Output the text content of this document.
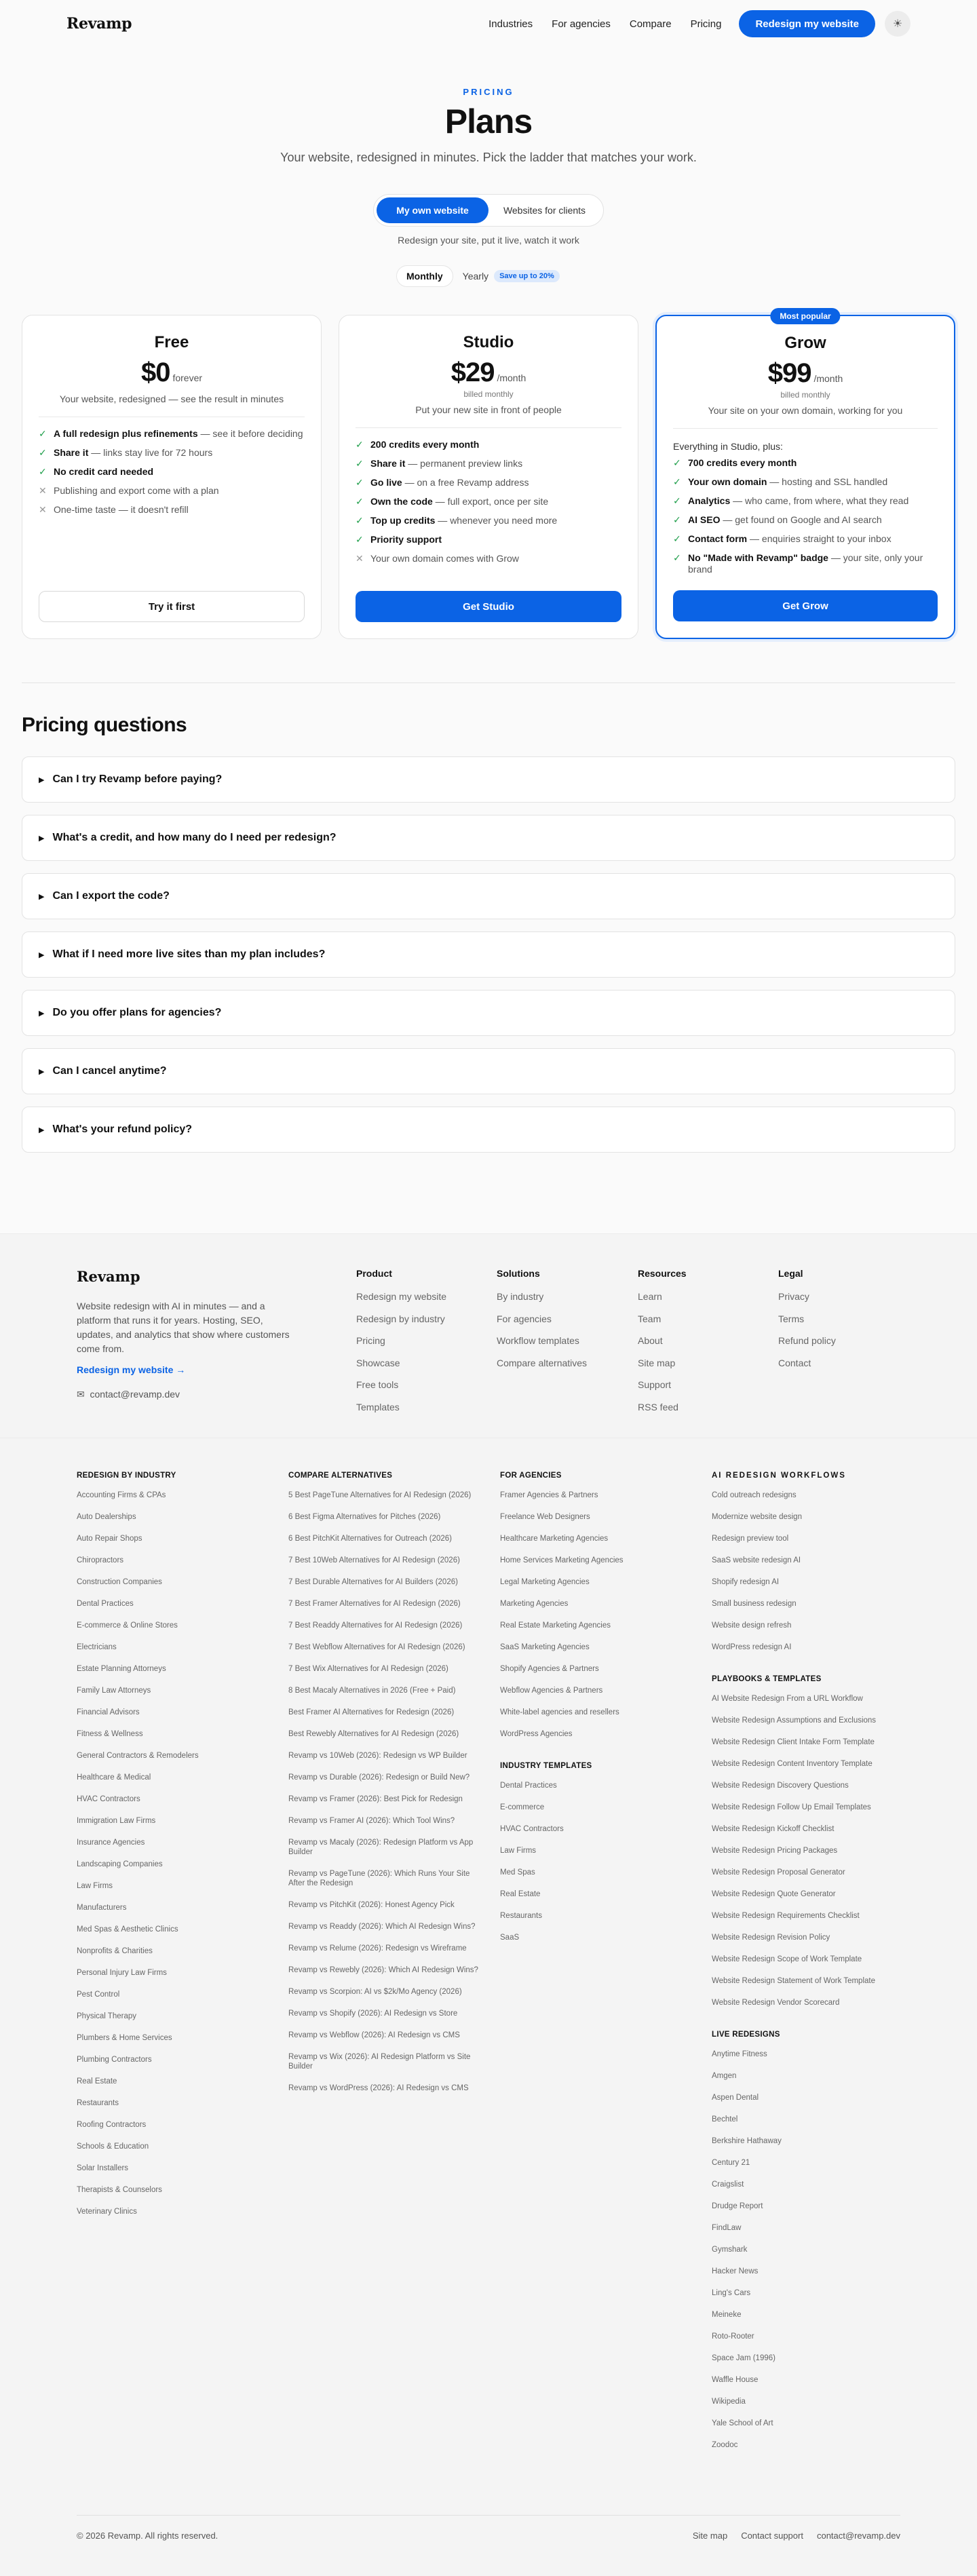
Revamp	Industries For agencies Compare Pricing	Redesign my website	☀
PRICING
Plans

Your website, redesigned in minutes. Pick the ladder that matches your work.

My own website	Websites for clients

Redesign your site, put it live, watch it work

Monthly	Yearly	Save up to 20%
Free
$0 forever
Your website, redesigned — see the result in minutes
✓ A full redesign plus refinements — see it before deciding
✓ Share it — links stay live for 72 hours
✓ No credit card needed
✕ Publishing and export come with a plan
✕ One-time taste — it doesn't refill
Try it first
Studio
$29 /month
billed monthly
Put your new site in front of people
✓ 200 credits every month
✓ Share it — permanent preview links
✓ Go live — on a free Revamp address
✓ Own the code — full export, once per site
✓ Top up credits — whenever you need more
✓ Priority support
✕ Your own domain comes with Grow
Get Studio
Most popular
Grow
$99 /month
billed monthly
Your site on your own domain, working for you
Everything in Studio, plus:
✓ 700 credits every month
✓ Your own domain — hosting and SSL handled
✓ Analytics — who came, from where, what they read
✓ AI SEO — get found on Google and AI search
✓ Contact form — enquiries straight to your inbox
✓ No "Made with Revamp" badge — your site, only your brand
Get Grow
Pricing questions
▶ Can I try Revamp before paying?
▶ What's a credit, and how many do I need per redesign?
▶ Can I export the code?
▶ What if I need more live sites than my plan includes?
▶ Do you offer plans for agencies?
▶ Can I cancel anytime?
▶ What's your refund policy?
Revamp

Website redesign with AI in minutes — and a platform that runs it for years. Hosting, SEO, updates, and analytics that show where customers come from.

Redesign my website →
✉ contact@revamp.dev
Product
Redesign my website
Redesign by industry
Pricing
Showcase
Free tools
Templates
Solutions
By industry
For agencies
Workflow templates
Compare alternatives
Resources
Learn
Team
About
Site map
Support
RSS feed
Legal
Privacy
Terms
Refund policy
Contact
REDESIGN BY INDUSTRY
Accounting Firms & CPAs
Auto Dealerships
Auto Repair Shops
Chiropractors
Construction Companies
Dental Practices
E-commerce & Online Stores
Electricians
Estate Planning Attorneys
Family Law Attorneys
Financial Advisors
Fitness & Wellness
General Contractors & Remodelers
Healthcare & Medical
HVAC Contractors
Immigration Law Firms
Insurance Agencies
Landscaping Companies
Law Firms
Manufacturers
Med Spas & Aesthetic Clinics
Nonprofits & Charities
Personal Injury Law Firms
Pest Control
Physical Therapy
Plumbers & Home Services
Plumbing Contractors
Real Estate
Restaurants
Roofing Contractors
Schools & Education
Solar Installers
Therapists & Counselors
Veterinary Clinics
COMPARE ALTERNATIVES
5 Best PageTune Alternatives for AI Redesign (2026)
6 Best Figma Alternatives for Pitches (2026)
6 Best PitchKit Alternatives for Outreach (2026)
7 Best 10Web Alternatives for AI Redesign (2026)
7 Best Durable Alternatives for AI Builders (2026)
7 Best Framer Alternatives for AI Redesign (2026)
7 Best Readdy Alternatives for AI Redesign (2026)
7 Best Webflow Alternatives for AI Redesign (2026)
7 Best Wix Alternatives for AI Redesign (2026)
8 Best Macaly Alternatives in 2026 (Free + Paid)
Best Framer AI Alternatives for Redesign (2026)
Best Rewebly Alternatives for AI Redesign (2026)
Revamp vs 10Web (2026): Redesign vs WP Builder
Revamp vs Durable (2026): Redesign or Build New?
Revamp vs Framer (2026): Best Pick for Redesign
Revamp vs Framer AI (2026): Which Tool Wins?
Revamp vs Macaly (2026): Redesign Platform vs App Builder
Revamp vs PageTune (2026): Which Runs Your Site After the Redesign
Revamp vs PitchKit (2026): Honest Agency Pick
Revamp vs Readdy (2026): Which AI Redesign Wins?
Revamp vs Relume (2026): Redesign vs Wireframe
Revamp vs Rewebly (2026): Which AI Redesign Wins?
Revamp vs Scorpion: AI vs $2k/Mo Agency (2026)
Revamp vs Shopify (2026): AI Redesign vs Store
Revamp vs Webflow (2026): AI Redesign vs CMS
Revamp vs Wix (2026): AI Redesign Platform vs Site Builder
Revamp vs WordPress (2026): AI Redesign vs CMS
FOR AGENCIES
Framer Agencies & Partners
Freelance Web Designers
Healthcare Marketing Agencies
Home Services Marketing Agencies
Legal Marketing Agencies
Marketing Agencies
Real Estate Marketing Agencies
SaaS Marketing Agencies
Shopify Agencies & Partners
Webflow Agencies & Partners
White-label agencies and resellers
WordPress Agencies
INDUSTRY TEMPLATES
Dental Practices
E-commerce
HVAC Contractors
Law Firms
Med Spas
Real Estate
Restaurants
SaaS
AI REDESIGN WORKFLOWS
Cold outreach redesigns
Modernize website design
Redesign preview tool
SaaS website redesign AI
Shopify redesign AI
Small business redesign
Website design refresh
WordPress redesign AI
PLAYBOOKS & TEMPLATES
AI Website Redesign From a URL Workflow
Website Redesign Assumptions and Exclusions
Website Redesign Client Intake Form Template
Website Redesign Content Inventory Template
Website Redesign Discovery Questions
Website Redesign Follow Up Email Templates
Website Redesign Kickoff Checklist
Website Redesign Pricing Packages
Website Redesign Proposal Generator
Website Redesign Quote Generator
Website Redesign Requirements Checklist
Website Redesign Revision Policy
Website Redesign Scope of Work Template
Website Redesign Statement of Work Template
Website Redesign Vendor Scorecard
LIVE REDESIGNS
Anytime Fitness
Amgen
Aspen Dental
Bechtel
Berkshire Hathaway
Century 21
Craigslist
Drudge Report
FindLaw
Gymshark
Hacker News
Ling's Cars
Meineke
Roto-Rooter
Space Jam (1996)
Waffle House
Wikipedia
Yale School of Art
Zoodoc
© 2026 Revamp. All rights reserved.	Site map Contact support contact@revamp.dev
